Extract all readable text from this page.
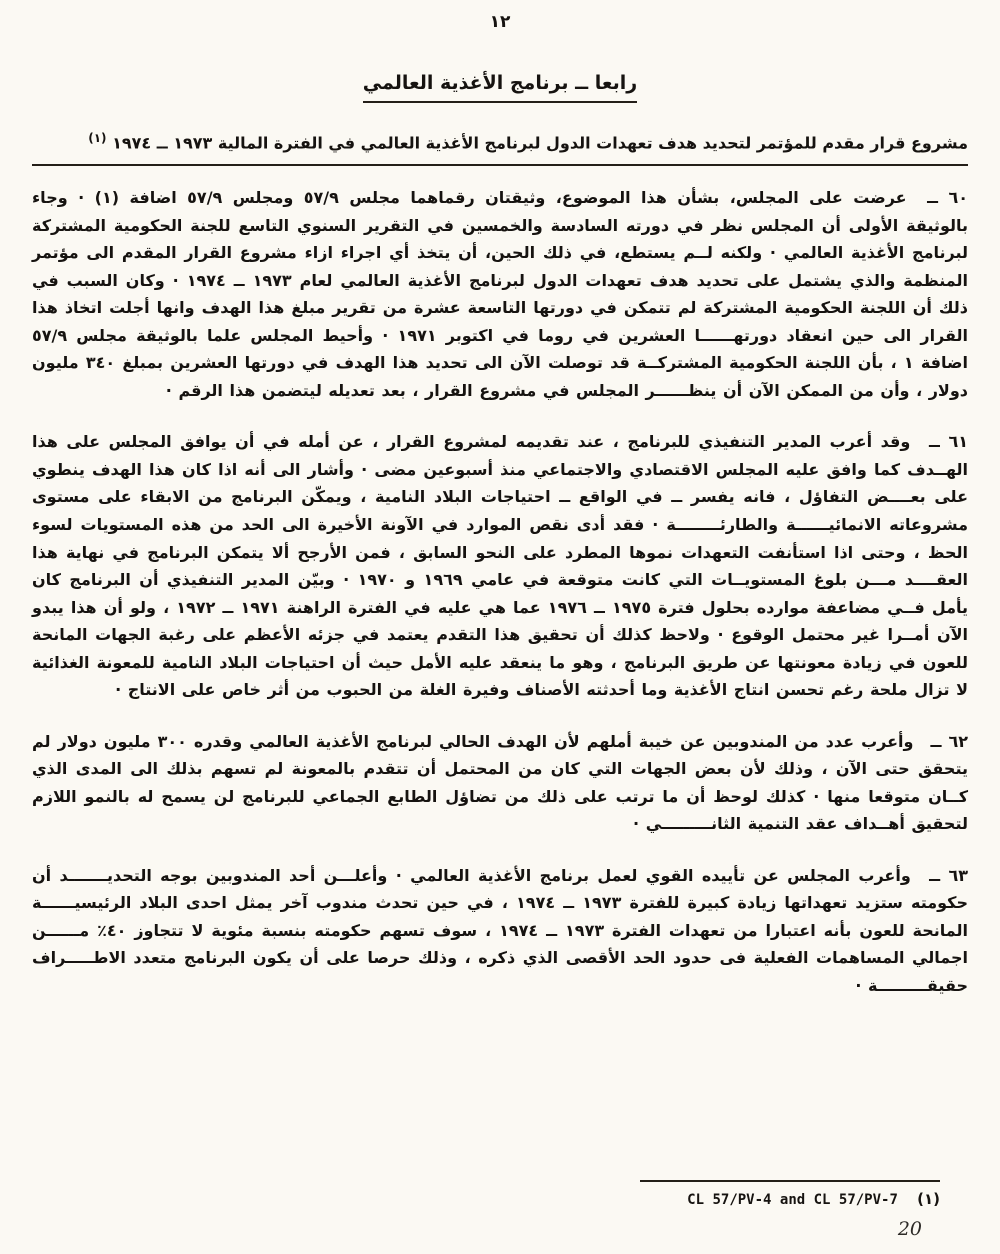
١٢
رابعا ــ برنامج الأغذية العالمي
مشروع قرار مقدم للمؤتمر لتحديد هدف تعهدات الدول لبرنامج الأغذية العالمي في الفترة المالية ١٩٧٣ ــ ١٩٧٤ $^{(١)}$

٦٠ ــ عرضت على المجلس، بشأن هذا الموضوع، وثيقتان رقماهما مجلس ٥٧/٩ ومجلس ٥٧/٩ اضافة (١) · وجاء بالوثيقة الأولى أن المجلس نظر في دورته السادسة والخمسين في التقرير السنوي التاسع للجنة الحكومية المشتركة لبرنامج الأغذية العالمي · ولكنه لــم يستطع، في ذلك الحين، أن يتخذ أي اجراء ازاء مشروع القرار المقدم الى مؤتمر المنظمة والذي يشتمل على تحديد هدف تعهدات الدول لبرنامج الأغذية العالمي لعام ١٩٧٣ ــ ١٩٧٤ · وكان السبب في ذلك أن اللجنة الحكومية المشتركة لم تتمكن في دورتها التاسعة عشرة من تقرير مبلغ هذا الهدف وانها أجلت اتخاذ هذا القرار الى حين انعقاد دورتهــــــا العشرين في روما في اكتوبر ١٩٧١ · وأحيط المجلس علما بالوثيقة مجلس ٥٧/٩ اضافة ١ ، بأن اللجنة الحكومية المشتركــة قد توصلت الآن الى تحديد هذا الهدف في دورتها العشرين بمبلغ ٣٤٠ مليون دولار ، وأن من الممكن الآن أن ينظــــــر المجلس في مشروع القرار ، بعد تعديله ليتضمن هذا الرقم ·

٦١ ــ وقد أعرب المدير التنفيذي للبرنامج ، عند تقديمه لمشروع القرار ، عن أمله في أن يوافق المجلس على هذا الهــدف كما وافق عليه المجلس الاقتصادي والاجتماعي منذ أسبوعين مضى · وأشار الى أنه اذا كان هذا الهدف ينطوي على بعــــض التفاؤل ، فانه يفسر ــ في الواقع ــ احتياجات البلاد النامية ، ويمكّن البرنامج من الابقاء على مستوى مشروعاته الانمائيــــــة والطارئــــــــة · فقد أدى نقص الموارد في الآونة الأخيرة الى الحد من هذه المستويات لسوء الحظ ، وحتى اذا استأنفت التعهدات نموها المطرد على النحو السابق ، فمن الأرجح ألا يتمكن البرنامج في نهاية هذا العقــــد مـــن بلوغ المستويــات التي كانت متوقعة في عامي ١٩٦٩ و ١٩٧٠ · وبيّن المدير التنفيذي أن البرنامج كان يأمل فــي مضاعفة موارده بحلول فترة ١٩٧٥ ــ ١٩٧٦ عما هي عليه في الفترة الراهنة ١٩٧١ ــ ١٩٧٢ ، ولو أن هذا يبدو الآن أمــرا غير محتمل الوقوع · ولاحظ كذلك أن تحقيق هذا التقدم يعتمد في جزئه الأعظم على رغبة الجهات المانحة للعون في زيادة معونتها عن طريق البرنامج ، وهو ما ينعقد عليه الأمل حيث أن احتياجات البلاد النامية للمعونة الغذائية لا تزال ملحة رغم تحسن انتاج الأغذية وما أحدثته الأصناف وفيرة الغلة من الحبوب من أثر خاص على الانتاج ·

٦٢ ــ وأعرب عدد من المندوبين عن خيبة أملهم لأن الهدف الحالي لبرنامج الأغذية العالمي وقدره ٣٠٠ مليون دولار لم يتحقق حتى الآن ، وذلك لأن بعض الجهات التي كان من المحتمل أن تتقدم بالمعونة لم تسهم بذلك الى المدى الذي كــان متوقعا منها · كذلك لوحظ أن ما ترتب على ذلك من تضاؤل الطابع الجماعي للبرنامج لن يسمح له بالنمو اللازم لتحقيق أهــداف عقد التنمية الثانـــــــــي ·

٦٣ ــ وأعرب المجلس عن تأييده القوي لعمل برنامج الأغذية العالمي · وأعلـــن أحد المندوبين بوجه التحديـــــــد أن حكومته ستزيد تعهداتها زيادة كبيرة للفترة ١٩٧٣ ــ ١٩٧٤ ، في حين تحدث مندوب آخر يمثل احدى البلاد الرئيسيــــــة المانحة للعون بأنه اعتبارا من تعهدات الفترة ١٩٧٣ ــ ١٩٧٤ ، سوف تسهم حكومته بنسبة مئوية لا تتجاوز ٤٠٪ مــــــن اجمالي المساهمات الفعلية فى حدود الحد الأقصى الذي ذكره ، وذلك حرصا على أن يكون البرنامج متعدد الاطـــــراف حقيقـــــــــة ·

(١) CL 57/PV-4 and CL 57/PV-7
20
